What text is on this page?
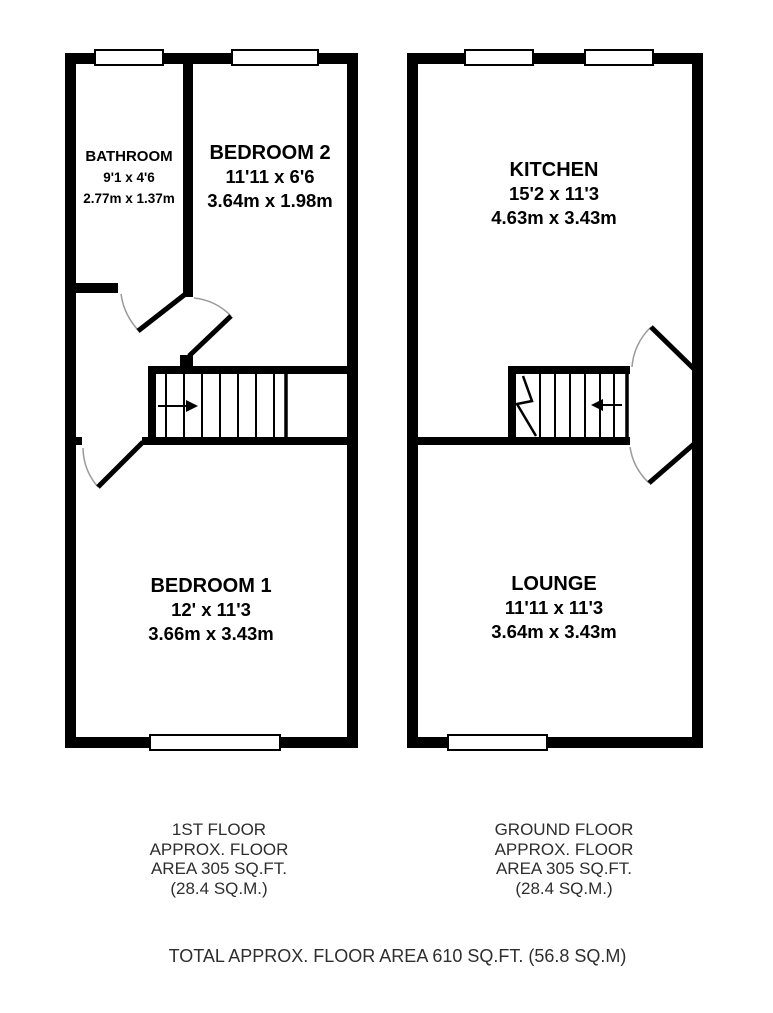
BATHROOM
9'1 x 4'6
2.77m x 1.37m
BEDROOM 2
11'11 x 6'6
3.64m x 1.98m
BEDROOM 1
12' x 11'3
3.66m x 3.43m
KITCHEN
15'2 x 11'3
4.63m x 3.43m
LOUNGE
11'11 x 11'3
3.64m x 3.43m
1ST FLOOR
APPROX. FLOOR
AREA 305 SQ.FT.
(28.4 SQ.M.)
GROUND FLOOR
APPROX. FLOOR
AREA 305 SQ.FT.
(28.4 SQ.M.)
TOTAL APPROX. FLOOR AREA 610 SQ.FT. (56.8 SQ.M)
